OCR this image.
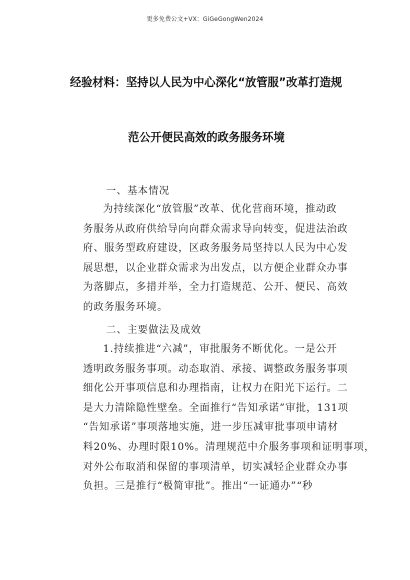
更多免费公文+VX：GiGeGongWen2024
经验材料：坚持以人民为中心深化“放管服”改革打造规
范公开便民高效的政务服务环境
一、基本情况
为持续深化“放管服”改革、优化营商环境，推动政
务服务从政府供给导向向群众需求导向转变，促进法治政
府、服务型政府建设，区政务服务局坚持以人民为中心发
展思想，以企业群众需求为出发点，以方便企业群众办事
为落脚点，多措并举，全力打造规范、公开、便民、高效
的政务服务环境。
二、主要做法及成效
1.持续推进“六减”，审批服务不断优化。一是公开
透明政务服务事项。动态取消、承接、调整政务服务事项
细化公开事项信息和办理指南，让权力在阳光下运行。二
是大力清除隐性壁垒。全面推行“告知承诺”审批，131项
“告知承诺”事项落地实施，进一步压减审批事项申请材
料20%、办理时限10%。清理规范中介服务事项和证明事项，
对外公布取消和保留的事项清单，切实减轻企业群众办事
负担。三是推行“极简审批”。推出“一证通办”“秒
